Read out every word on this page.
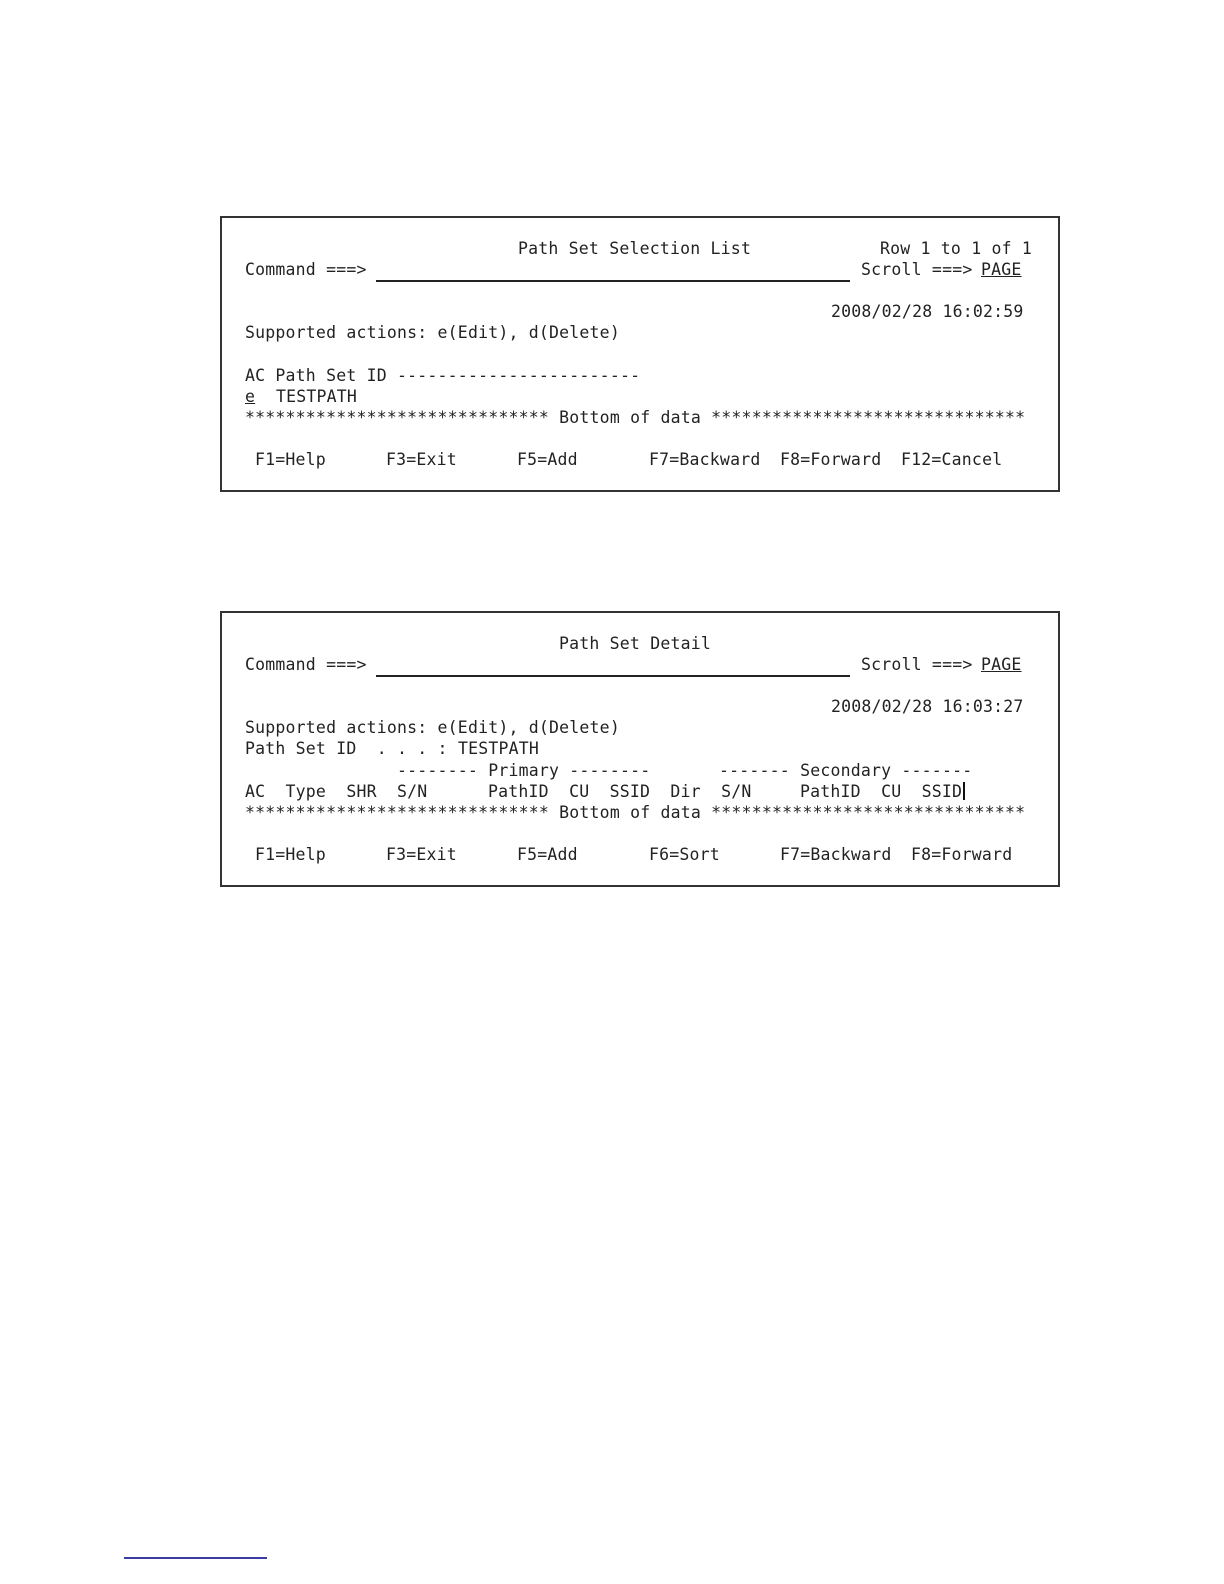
Path Set Selection List	Row 1 to 1 of 1
Command ===>	Scroll ===> PAGE
2008/02/28 16:02:59
Supported actions: e(Edit), d(Delete)
AC Path Set ID ------------------------
e TESTPATH
****************************** Bottom of data *******************************
F1=Help	F3=Exit	F5=Add	F7=Backward F8=Forward F12=Cancel
Path Set Detail
Command ===>	Scroll ===> PAGE
2008/02/28 16:03:27
Supported actions: e(Edit), d(Delete)
Path Set ID  . . . : TESTPATH
-------- Primary --------	------- Secondary -------
AC  Type  SHR  S/N	PathID  CU  SSID  Dir  S/N	PathID  CU  SSID
****************************** Bottom of data *******************************
F1=Help	F3=Exit	F5=Add	F6=Sort	F7=Backward F8=Forward
